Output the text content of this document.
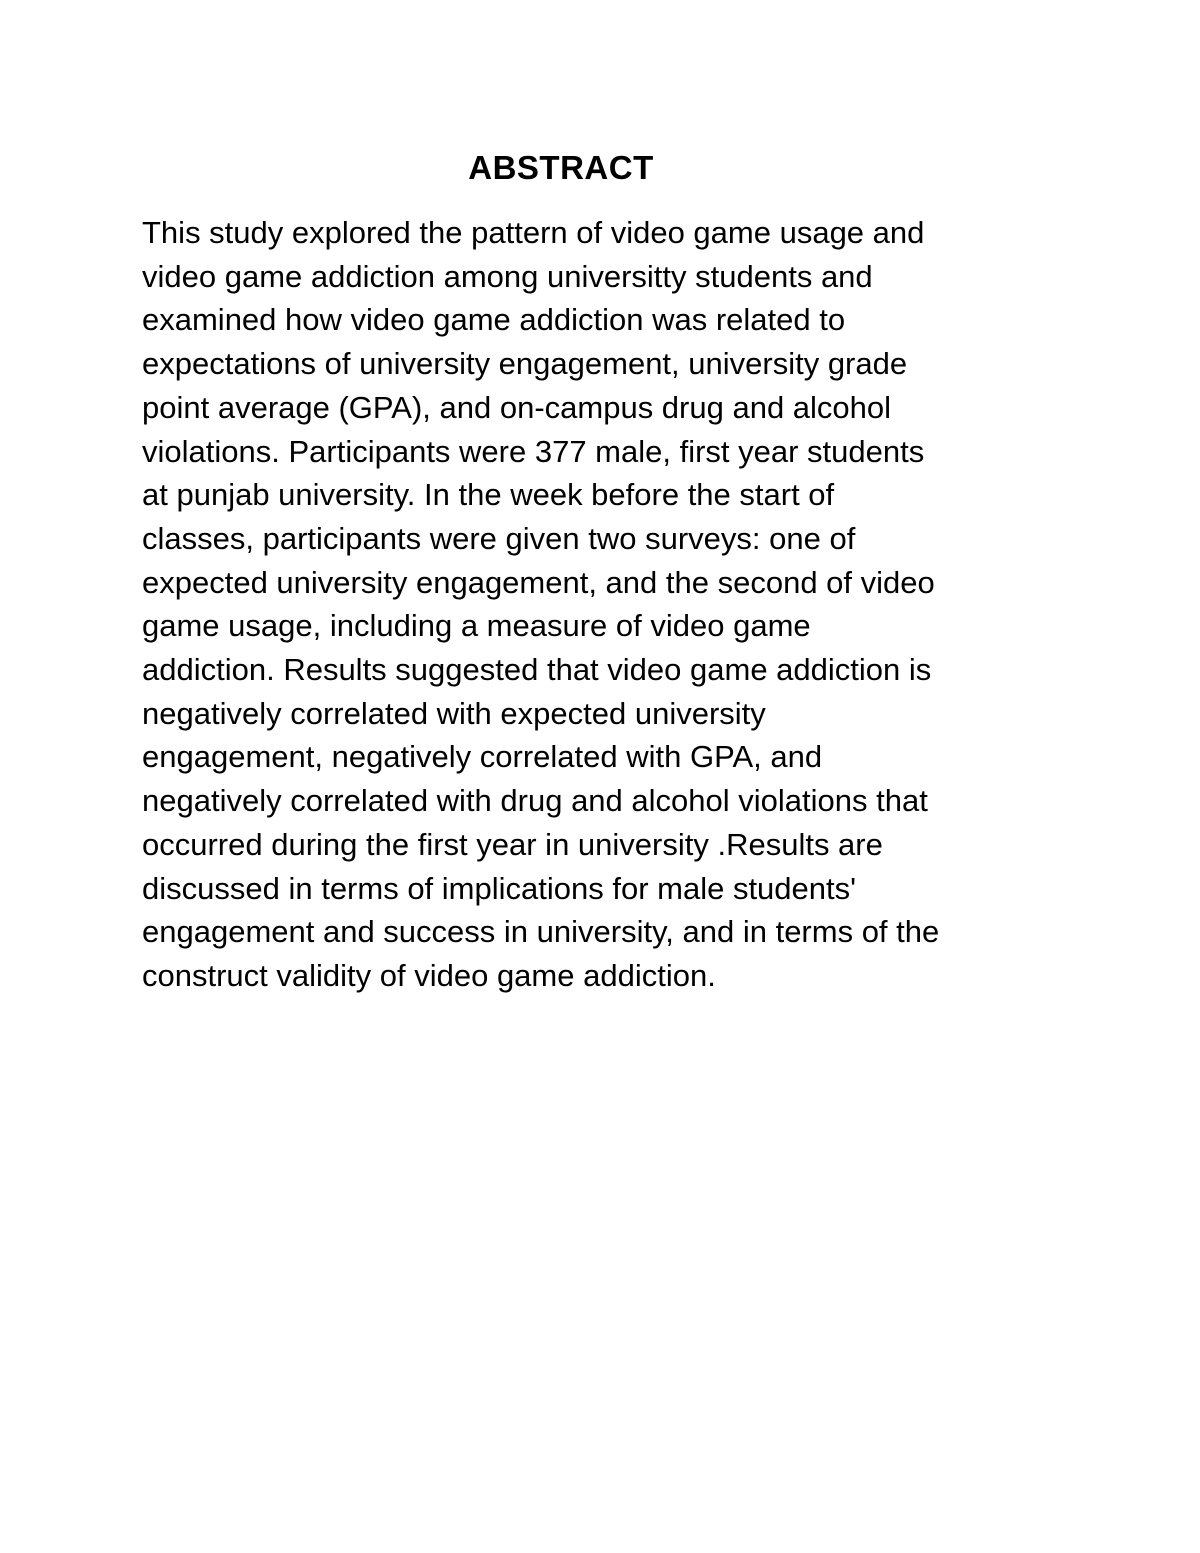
ABSTRACT

This study explored the pattern of video game usage and
video game addiction among universitty students and
examined how video game addiction was related to
expectations of university engagement, university grade
point average (GPA), and on-campus drug and alcohol
violations. Participants were 377 male, first year students
at punjab university. In the week before the start of
classes, participants were given two surveys: one of
expected university engagement, and the second of video
game usage, including a measure of video game
addiction. Results suggested that video game addiction is
negatively correlated with expected university
engagement, negatively correlated with GPA, and
negatively correlated with drug and alcohol violations that
occurred during the first year in university .Results are
discussed in terms of implications for male students'
engagement and success in university, and in terms of the
construct validity of video game addiction.
